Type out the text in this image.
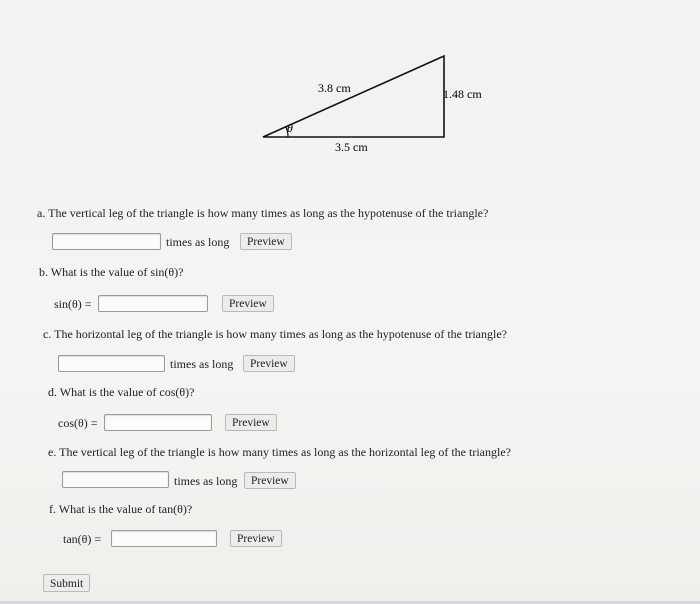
θ
3.8 cm	1.48 cm
3.5 cm
a. The vertical leg of the triangle is how many times as long as the hypotenuse of the triangle?
times as long	Preview
b. What is the value of sin(θ)?
sin(θ) =	Preview
c. The horizontal leg of the triangle is how many times as long as the hypotenuse of the triangle?
times as long	Preview
d. What is the value of cos(θ)?
cos(θ) =	Preview
e. The vertical leg of the triangle is how many times as long as the horizontal leg of the triangle?
times as long	Preview
f. What is the value of tan(θ)?
tan(θ) =	Preview
Submit
